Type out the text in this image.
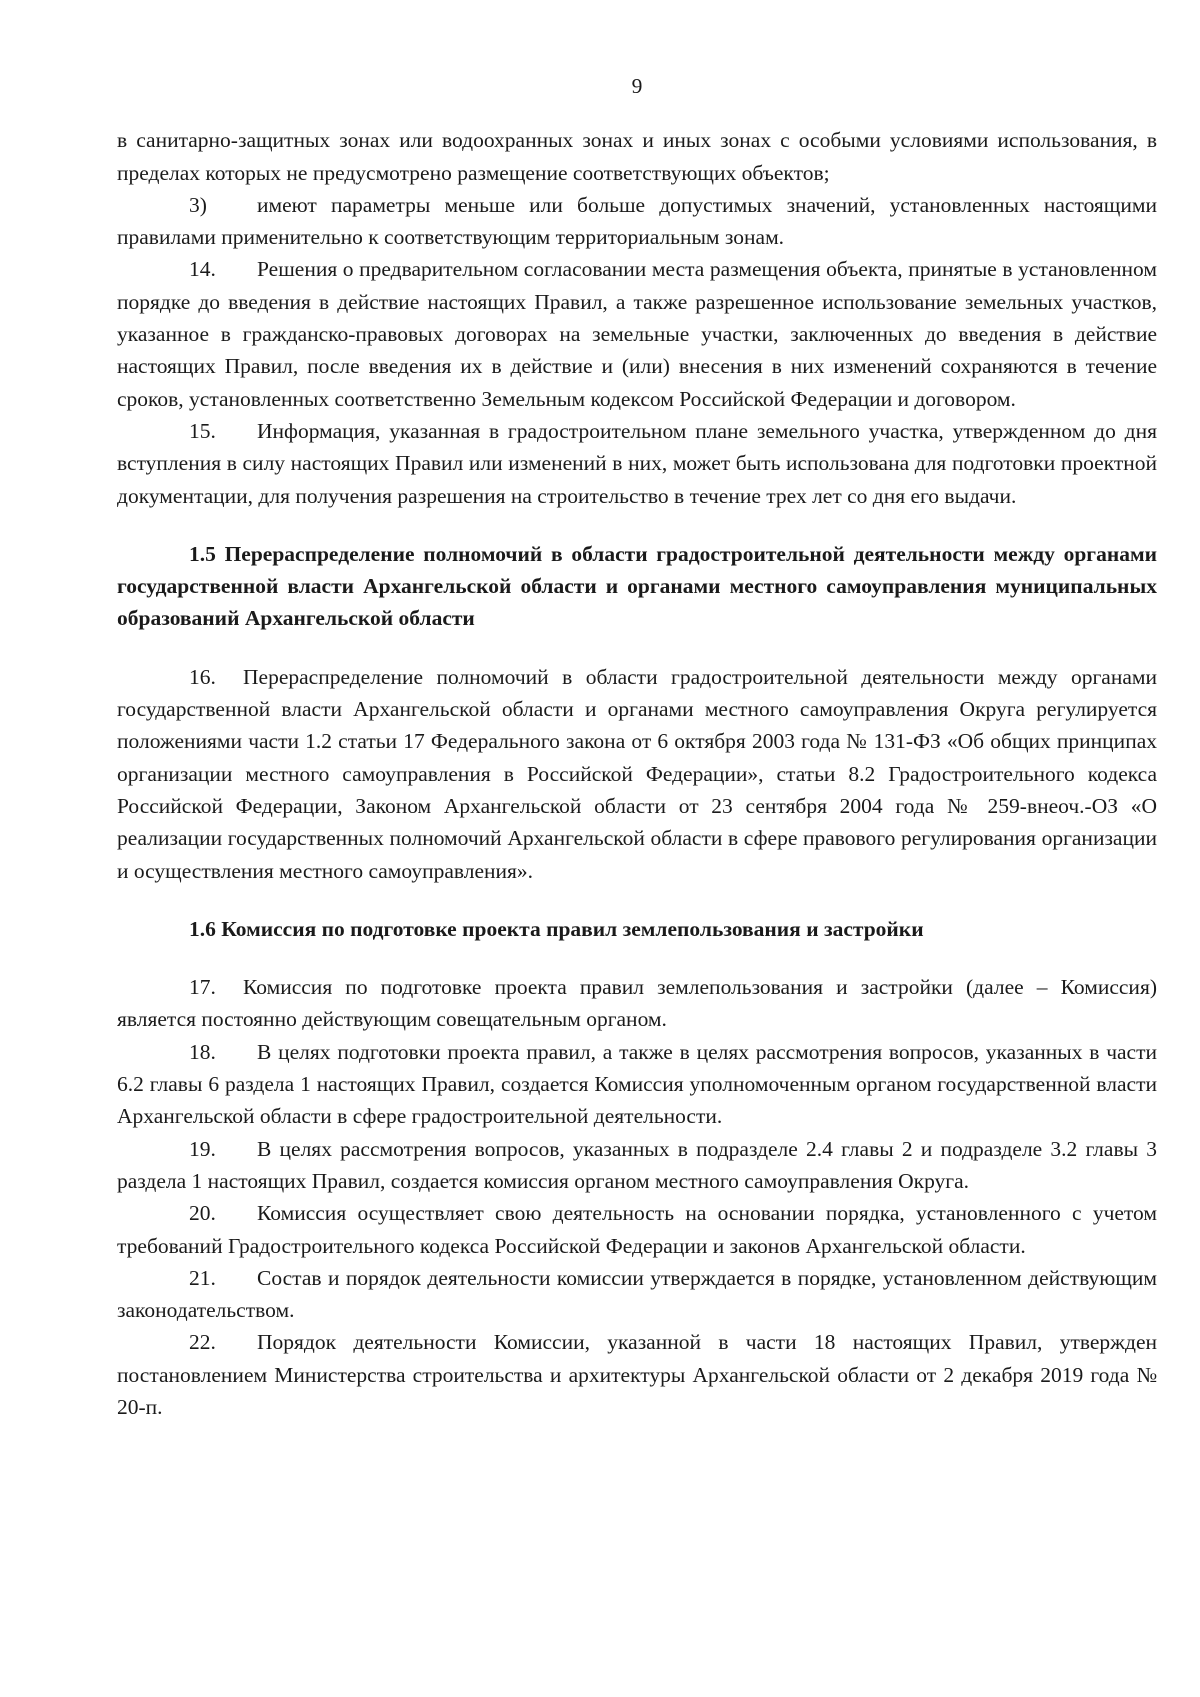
9

в санитарно-защитных зонах или водоохранных зонах и иных зонах с особыми условиями использования, в пределах которых не предусмотрено размещение соответствующих объектов;

3) имеют параметры меньше или больше допустимых значений, установленных настоящими правилами применительно к соответствующим территориальным зонам.

14. Решения о предварительном согласовании места размещения объекта, принятые в установленном порядке до введения в действие настоящих Правил, а также разрешенное использование земельных участков, указанное в гражданско-правовых договорах на земельные участки, заключенных до введения в действие настоящих Правил, после введения их в действие и (или) внесения в них изменений сохраняются в течение сроков, установленных соответственно Земельным кодексом Российской Федерации и договором.

15. Информация, указанная в градостроительном плане земельного участка, утвержденном до дня вступления в силу настоящих Правил или изменений в них, может быть использована для подготовки проектной документации, для получения разрешения на строительство в течение трех лет со дня его выдачи.

1.5 Перераспределение полномочий в области градостроительной деятельности между органами государственной власти Архангельской области и органами местного самоуправления муниципальных образований Архангельской области

16. Перераспределение полномочий в области градостроительной деятельности между органами государственной власти Архангельской области и органами местного самоуправления Округа регулируется положениями части 1.2 статьи 17 Федерального закона от 6 октября 2003 года № 131-ФЗ «Об общих принципах организации местного самоуправления в Российской Федерации», статьи 8.2 Градостроительного кодекса Российской Федерации, Законом Архангельской области от 23 сентября 2004 года № 259-внеоч.-ОЗ «О реализации государственных полномочий Архангельской области в сфере правового регулирования организации и осуществления местного самоуправления».

1.6 Комиссия по подготовке проекта правил землепользования и застройки

17. Комиссия по подготовке проекта правил землепользования и застройки (далее – Комиссия) является постоянно действующим совещательным органом.

18. В целях подготовки проекта правил, а также в целях рассмотрения вопросов, указанных в части 6.2 главы 6 раздела 1 настоящих Правил, создается Комиссия уполномоченным органом государственной власти Архангельской области в сфере градостроительной деятельности.

19. В целях рассмотрения вопросов, указанных в подразделе 2.4 главы 2 и подразделе 3.2 главы 3 раздела 1 настоящих Правил, создается комиссия органом местного самоуправления Округа.

20. Комиссия осуществляет свою деятельность на основании порядка, установленного с учетом требований Градостроительного кодекса Российской Федерации и законов Архангельской области.

21. Состав и порядок деятельности комиссии утверждается в порядке, установленном действующим законодательством.

22. Порядок деятельности Комиссии, указанной в части 18 настоящих Правил, утвержден постановлением Министерства строительства и архитектуры Архангельской области от 2 декабря 2019 года № 20-п.
